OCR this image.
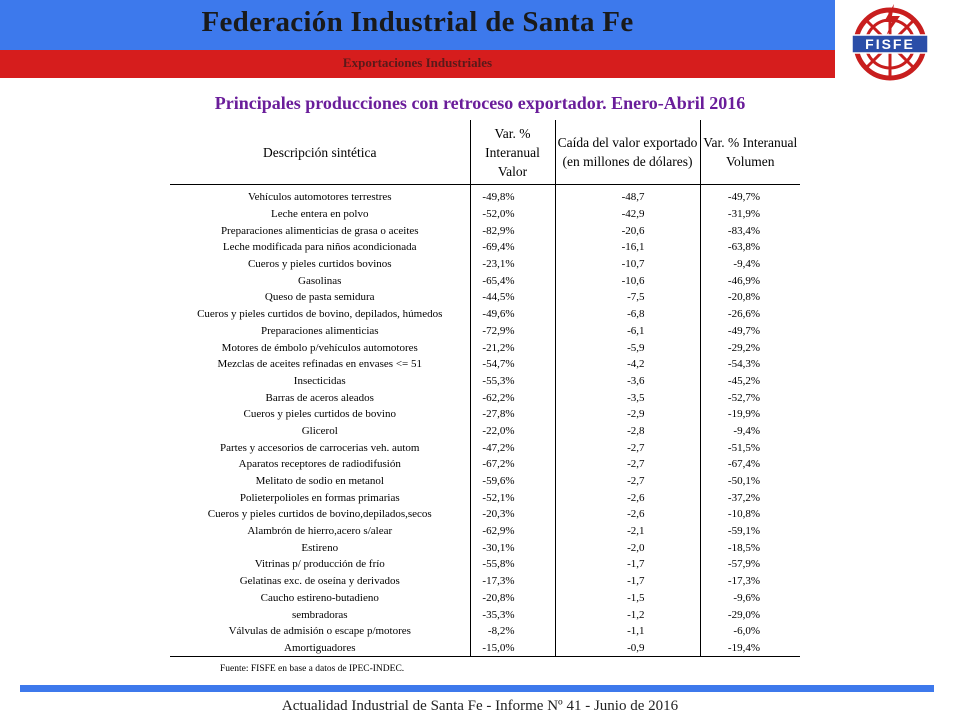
Federación Industrial de Santa Fe
Exportaciones Industriales
FISFE
Principales producciones con retroceso exportador. Enero-Abril 2016
Descripción sintética	Var. % Interanual Valor	Caída del valor exportado (en millones de dólares)	Var. % Interanual Volumen
Vehículos automotores terrestres	-49,8%	-48,7	-49,7%
Leche entera en polvo	-52,0%	-42,9	-31,9%
Preparaciones alimenticias de grasa o aceites	-82,9%	-20,6	-83,4%
Leche modificada para niños acondicionada	-69,4%	-16,1	-63,8%
Cueros y pieles curtidos bovinos	-23,1%	-10,7	-9,4%
Gasolinas	-65,4%	-10,6	-46,9%
Queso de pasta semidura	-44,5%	-7,5	-20,8%
Cueros y pieles curtidos de bovino, depilados, húmedos	-49,6%	-6,8	-26,6%
Preparaciones alimenticias	-72,9%	-6,1	-49,7%
Motores de émbolo p/vehículos automotores	-21,2%	-5,9	-29,2%
Mezclas de aceites refinadas en envases <= 51	-54,7%	-4,2	-54,3%
Insecticidas	-55,3%	-3,6	-45,2%
Barras de aceros aleados	-62,2%	-3,5	-52,7%
Cueros y pieles curtidos de bovino	-27,8%	-2,9	-19,9%
Glicerol	-22,0%	-2,8	-9,4%
Partes y accesorios de carrocerias veh. autom	-47,2%	-2,7	-51,5%
Aparatos receptores de radiodifusión	-67,2%	-2,7	-67,4%
Melitato de sodio en metanol	-59,6%	-2,7	-50,1%
Polieterpolioles en formas primarias	-52,1%	-2,6	-37,2%
Cueros y pieles curtidos de bovino,depilados,secos	-20,3%	-2,6	-10,8%
Alambrón de hierro,acero s/alear	-62,9%	-2,1	-59,1%
Estireno	-30,1%	-2,0	-18,5%
Vitrinas p/ producción de frío	-55,8%	-1,7	-57,9%
Gelatinas exc. de oseína y derivados	-17,3%	-1,7	-17,3%
Caucho estireno-butadieno	-20,8%	-1,5	-9,6%
sembradoras	-35,3%	-1,2	-29,0%
Válvulas de admisión o escape p/motores	-8,2%	-1,1	-6,0%
Amortiguadores	-15,0%	-0,9	-19,4%
Fuente: FISFE en base a datos de IPEC-INDEC.
Actualidad Industrial de Santa Fe - Informe Nº 41 - Junio de 2016
